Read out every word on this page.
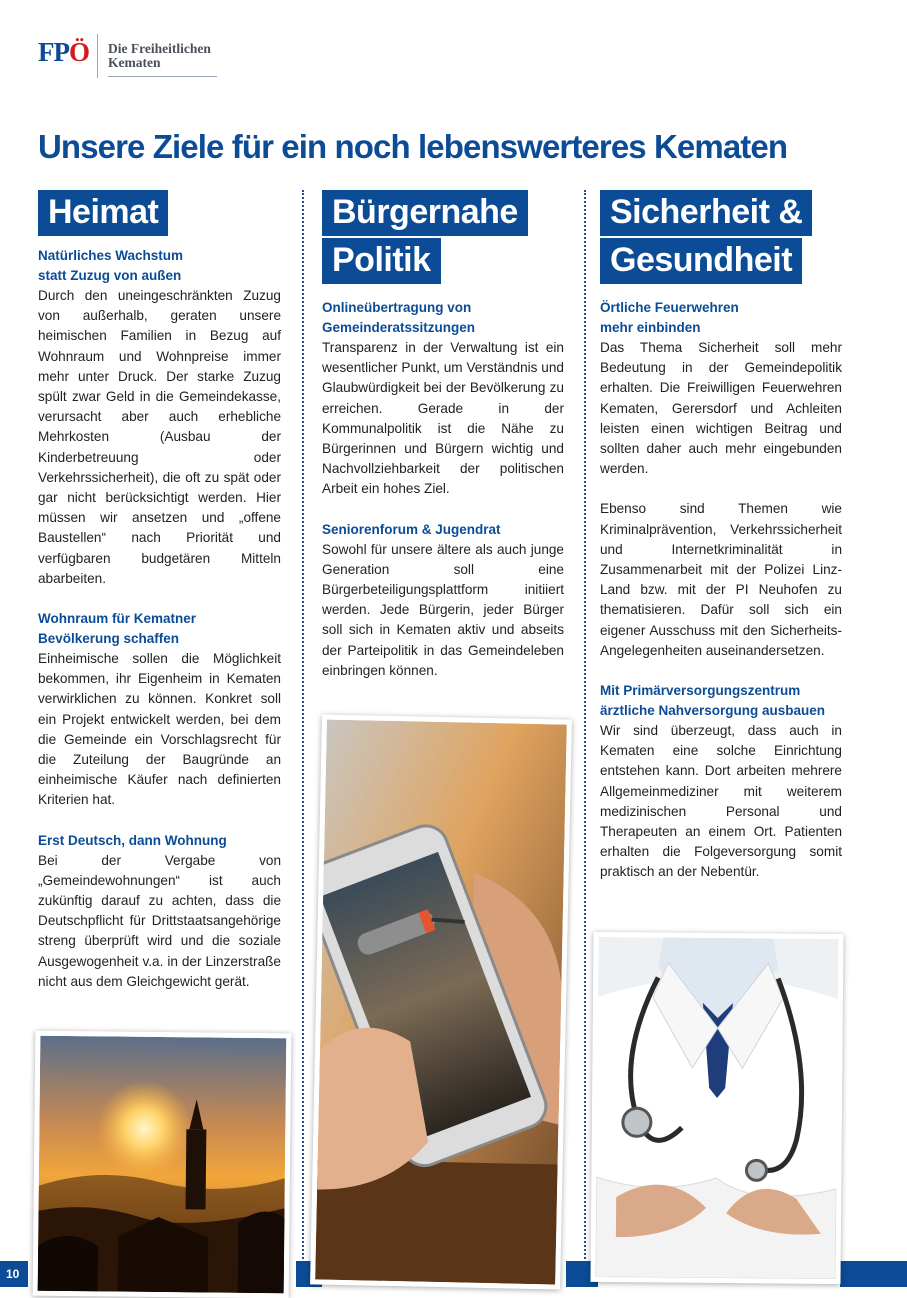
FPÖ Die Freiheitlichen
Kematen
Unsere Ziele für ein noch lebenswerteres Kematen
Heimat

Natürliches Wachstum
statt Zuzug von außen

Durch den uneingeschränkten Zuzug von außerhalb, geraten unsere heimischen Familien in Bezug auf Wohnraum und Wohnpreise immer mehr unter Druck. Der starke Zuzug spült zwar Geld in die Gemeindekasse, verursacht aber auch erhebliche Mehrkosten (Ausbau der Kinderbetreuung oder Verkehrssicherheit), die oft zu spät oder gar nicht berücksichtigt werden. Hier müssen wir ansetzen und „offene Baustellen“ nach Priorität und verfügbaren budgetären Mitteln abarbeiten.

Wohnraum für Kematner
Bevölkerung schaffen

Einheimische sollen die Möglichkeit bekommen, ihr Eigenheim in Kematen verwirklichen zu können. Konkret soll ein Projekt entwickelt werden, bei dem die Gemeinde ein Vorschlagsrecht für die Zuteilung der Baugründe an einheimische Käufer nach definierten Kriterien hat.

Erst Deutsch, dann Wohnung

Bei der Vergabe von „Gemeindewohnungen“ ist auch zukünftig darauf zu achten, dass die Deutschpflicht für Drittstaatsangehörige streng überprüft wird und die soziale Ausgewogenheit v.a. in der Linzerstraße nicht aus dem Gleichgewicht gerät.

Bürgernahe
Politik

Onlineübertragung von
Gemeinderatssitzungen

Transparenz in der Verwaltung ist ein wesentlicher Punkt, um Verständnis und Glaubwürdigkeit bei der Bevölkerung zu erreichen. Gerade in der Kommunalpolitik ist die Nähe zu Bürgerinnen und Bürgern wichtig und Nachvollziehbarkeit der politischen Arbeit ein hohes Ziel.

Seniorenforum & Jugendrat

Sowohl für unsere ältere als auch junge Generation soll eine Bürgerbeteiligungsplattform initiiert werden. Jede Bürgerin, jeder Bürger soll sich in Kematen aktiv und abseits der Parteipolitik in das Gemeindeleben einbringen können.

Sicherheit &
Gesundheit

Örtliche Feuerwehren
mehr einbinden

Das Thema Sicherheit soll mehr Bedeutung in der Gemeindepolitik erhalten. Die Freiwilligen Feuerwehren Kematen, Gerersdorf und Achleiten leisten einen wichtigen Beitrag und sollten daher auch mehr eingebunden werden.

Ebenso sind Themen wie Kriminalprävention, Verkehrssicherheit und Internetkriminalität in Zusammenarbeit mit der Polizei Linz-Land bzw. mit der PI Neuhofen zu thematisieren. Dafür soll sich ein eigener Ausschuss mit den Sicherheits-Angelegenheiten auseinandersetzen.

Mit Primärversorgungszentrum
ärztliche Nahversorgung ausbauen

Wir sind überzeugt, dass auch in Kematen eine solche Einrichtung entstehen kann. Dort arbeiten mehrere Allgemeinmediziner mit weiterem medizinischen Personal und Therapeuten an einem Ort. Patienten erhalten die Folgeversorgung somit praktisch an der Nebentür.

10
